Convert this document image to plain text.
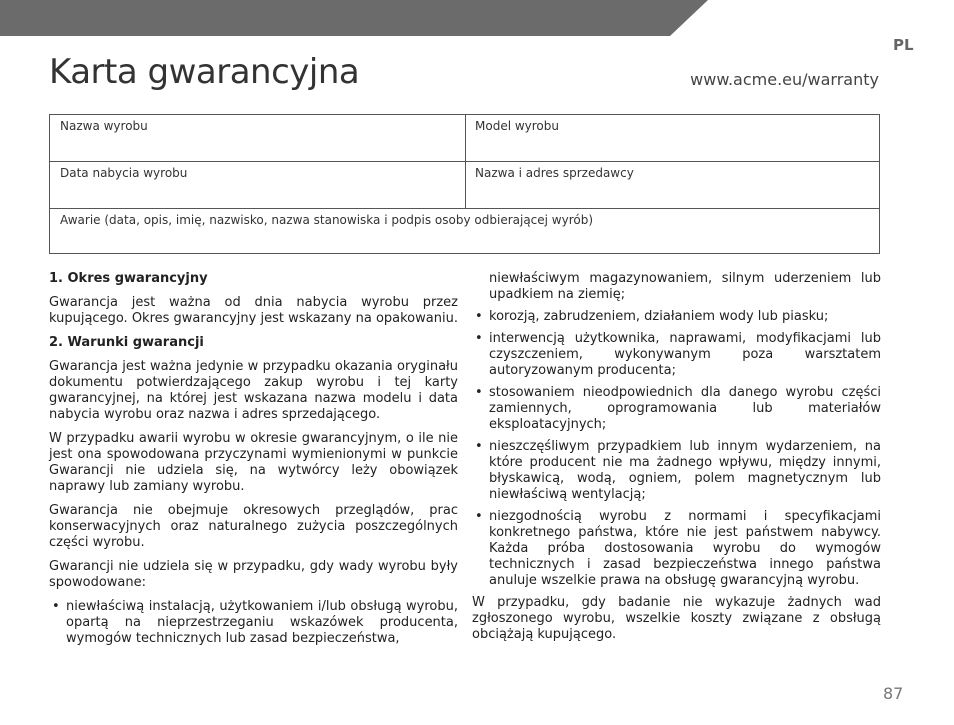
PL
Karta gwarancyjna	www.acme.eu/warranty
Nazwa wyrobu	Model wyrobu
Data nabycia wyrobu	Nazwa i adres sprzedawcy
Awarie (data, opis, imię, nazwisko, nazwa stanowiska i podpis osoby odbierającej wyrób)
1. Okres gwarancyjny

Gwarancja jest ważna od dnia nabycia wyrobu przez kupującego. Okres gwarancyjny jest wskazany na opakowaniu.

2. Warunki gwarancji

Gwarancja jest ważna jedynie w przypadku okazania oryginału dokumentu potwierdzającego zakup wyrobu i tej karty gwarancyjnej, na której jest wskazana nazwa modelu i data nabycia wyrobu oraz nazwa i adres sprzedającego.

W przypadku awarii wyrobu w okresie gwarancyjnym, o ile nie jest ona spowodowana przyczynami wymienionymi w punkcie Gwarancji nie udziela się, na wytwórcy leży obowiązek naprawy lub zamiany wyrobu.

Gwarancja nie obejmuje okresowych przeglądów, prac konserwacyjnych oraz naturalnego zużycia poszczególnych części wyrobu.

Gwarancji nie udziela się w przypadku, gdy wady wyrobu były spowodowane:

• niewłaściwą instalacją, użytkowaniem i/lub obsługą wyrobu, opartą na nieprzestrzeganiu wskazówek producenta, wymogów technicznych lub zasad bezpieczeństwa,
niewłaściwym magazynowaniem, silnym uderzeniem lub upadkiem na ziemię;
• korozją, zabrudzeniem, działaniem wody lub piasku;
• interwencją użytkownika, naprawami, modyfikacjami lub czyszczeniem, wykonywanym poza warsztatem autoryzowanym producenta;
• stosowaniem nieodpowiednich dla danego wyrobu części zamiennych, oprogramowania lub materiałów eksploatacyjnych;
• nieszczęśliwym przypadkiem lub innym wydarzeniem, na które producent nie ma żadnego wpływu, między innymi, błyskawicą, wodą, ogniem, polem magnetycznym lub niewłaściwą wentylacją;
• niezgodnością wyrobu z normami i specyfikacjami konkretnego państwa, które nie jest państwem nabywcy. Każda próba dostosowania wyrobu do wymogów technicznych i zasad bezpieczeństwa innego państwa anuluje wszelkie prawa na obsługę gwarancyjną wyrobu.

W przypadku, gdy badanie nie wykazuje żadnych wad zgłoszonego wyrobu, wszelkie koszty związane z obsługą obciążają kupującego.

87
